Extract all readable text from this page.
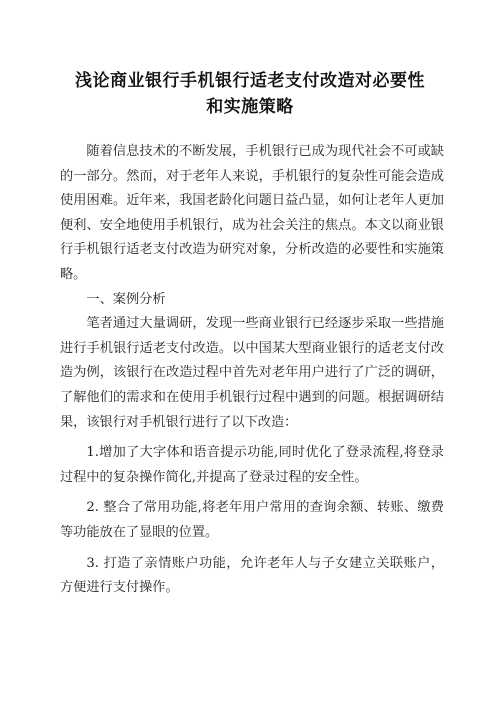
浅论商业银行手机银行适老支付改造对必要性
和实施策略

随着信息技术的不断发展，手机银行已成为现代社会不可或缺的一部分。然而，对于老年人来说，手机银行的复杂性可能会造成使用困难。近年来，我国老龄化问题日益凸显，如何让老年人更加便利、安全地使用手机银行，成为社会关注的焦点。本文以商业银行手机银行适老支付改造为研究对象，分析改造的必要性和实施策略。

一、案例分析

笔者通过大量调研，发现一些商业银行已经逐步采取一些措施进行手机银行适老支付改造。以中国某大型商业银行的适老支付改造为例，该银行在改造过程中首先对老年用户进行了广泛的调研，了解他们的需求和在使用手机银行过程中遇到的问题。根据调研结果，该银行对手机银行进行了以下改造：

1.增加了大字体和语音提示功能,同时优化了登录流程,将登录过程中的复杂操作简化,并提高了登录过程的安全性。

2. 整合了常用功能,将老年用户常用的查询余额、转账、缴费等功能放在了显眼的位置。

3. 打造了亲情账户功能，允许老年人与子女建立关联账户，方便进行支付操作。
